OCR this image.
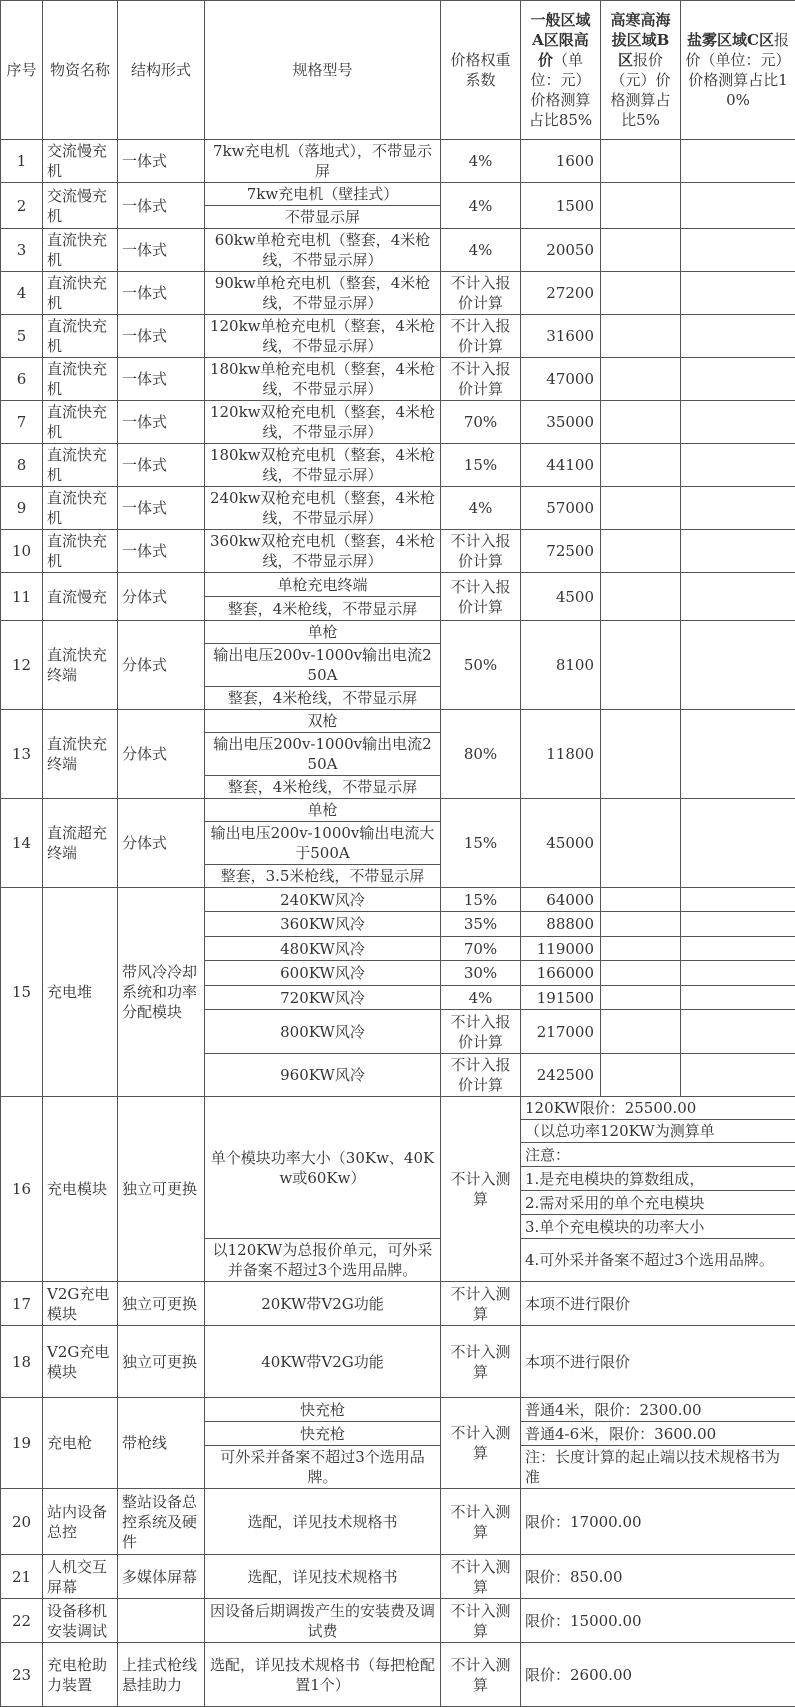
序号	物资名称	结构形式	规格型号	价格权重系数	一般区域A区限高价（单位：元）价格测算占比85%	高寒高海拔区域B区报价（元）价格测算占比5%	盐雾区域C区报价（单位：元）价格测算占比10%
1	交流慢充机	一体式	7kw充电机（落地式），不带显示屏	4%	1600		
2	交流慢充机	一体式	7kw充电机（壁挂式）	4%	1500		
			不带显示屏				
3	直流快充机	一体式	60kw单枪充电机（整套，4米枪线，不带显示屏）	4%	20050		
4	直流快充机	一体式	90kw单枪充电机（整套，4米枪线，不带显示屏）	不计入报价计算	27200		
5	直流快充机	一体式	120kw单枪充电机（整套，4米枪线，不带显示屏）	不计入报价计算	31600		
6	直流快充机	一体式	180kw单枪充电机（整套，4米枪线，不带显示屏）	不计入报价计算	47000		
7	直流快充机	一体式	120kw双枪充电机（整套，4米枪线，不带显示屏）	70%	35000		
8	直流快充机	一体式	180kw双枪充电机（整套，4米枪线，不带显示屏）	15%	44100		
9	直流快充机	一体式	240kw双枪充电机（整套，4米枪线，不带显示屏）	4%	57000		
10	直流快充机	一体式	360kw双枪充电机（整套，4米枪线，不带显示屏）	不计入报价计算	72500		
11	直流慢充	分体式	单枪充电终端	不计入报价计算	4500		
			整套，4米枪线，不带显示屏				
12	直流快充终端	分体式	单枪	50%	8100		
			输出电压200v-1000v输出电流250A				
			整套，4米枪线，不带显示屏				
13	直流快充终端	分体式	双枪	80%	11800		
			输出电压200v-1000v输出电流250A				
			整套，4米枪线，不带显示屏				
14	直流超充终端	分体式	单枪	15%	45000		
			输出电压200v-1000v输出电流大于500A				
			整套，3.5米枪线，不带显示屏				
15	充电堆	带风冷冷却系统和功率分配模块	240KW风冷	15%	64000		
			360KW风冷	35%	88800		
			480KW风冷	70%	119000		
			600KW风冷	30%	166000		
			720KW风冷	4%	191500		
			800KW风冷	不计入报价计算	217000		
			960KW风冷	不计入报价计算	242500		
16	充电模块	独立可更换	单个模块功率大小（30Kw、40Kw或60Kw）	不计入测算	120KW限价：25500.00		
					（以总功率120KW为测算单		
					注意：		
					1.是充电模块的算数组成，		
					2.需对采用的单个充电模块		
					3.单个充电模块的功率大小		
			以120KW为总报价单元，可外采并备案不超过3个选用品牌。		4.可外采并备案不超过3个选用品牌。		
17	V2G充电模块	独立可更换	20KW带V2G功能	不计入测算	本项不进行限价		
18	V2G充电模块	独立可更换	40KW带V2G功能	不计入测算	本项不进行限价		
19	充电枪	带枪线	快充枪	不计入测算	普通4米，限价：2300.00		
			快充枪		普通4-6米，限价：3600.00		
			可外采并备案不超过3个选用品牌。		注：长度计算的起止端以技术规格书为准		
20	站内设备总控	整站设备总控系统及硬件	选配，详见技术规格书	不计入测算	限价：17000.00		
21	人机交互屏幕	多媒体屏幕	选配，详见技术规格书	不计入测算	限价：850.00		
22	设备移机安装调试		因设备后期调拨产生的安装费及调试费	不计入测算	限价：15000.00		
23	充电枪助力装置	上挂式枪线悬挂助力	选配，详见技术规格书（每把枪配置1个）	不计入测算	限价：2600.00		
